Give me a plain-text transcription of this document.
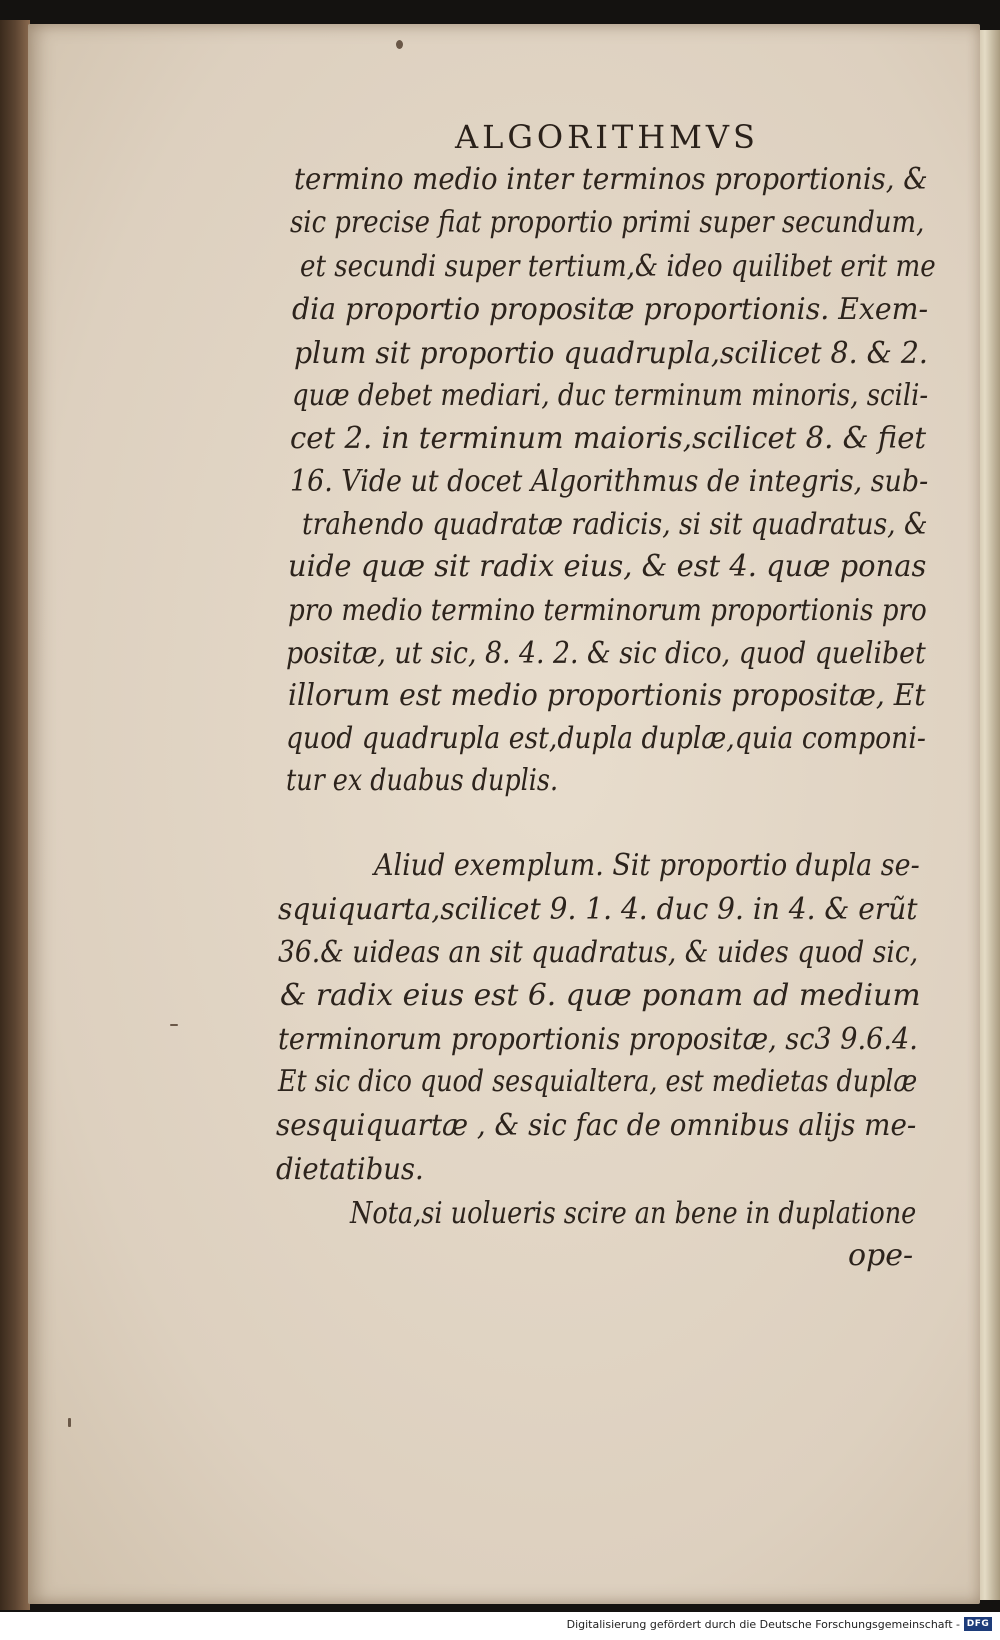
ALGORITHMVS
termino medio inter terminos proportionis, &
sic precise fiat proportio primi super secundum,
et secundi super tertium,& ideo quilibet erit me
dia proportio propositæ proportionis. Exem-
plum sit proportio quadrupla,scilicet 8. & 2.
quæ debet mediari, duc terminum minoris, scili-
cet 2. in terminum maioris,scilicet 8. & fiet
16. Vide ut docet Algorithmus de integris, sub-
trahendo quadratæ radicis, si sit quadratus, &
uide quæ sit radix eius, & est 4. quæ ponas
pro medio termino terminorum proportionis pro
positæ, ut sic, 8. 4. 2. & sic dico, quod quelibet
illorum est medio proportionis propositæ, Et
quod quadrupla est,dupla duplæ,quia componi-
tur ex duabus duplis.
Aliud exemplum. Sit proportio dupla se-
squiquarta,scilicet 9. 1. 4. duc 9. in 4. & erũt
36.& uideas an sit quadratus, & uides quod sic,
& radix eius est 6. quæ ponam ad medium
terminorum proportionis propositæ, sc3 9.6.4.
Et sic dico quod sesquialtera, est medietas duplæ
sesquiquartæ , & sic fac de omnibus alijs me-
dietatibus.
Nota,si uolueris scire an bene in duplatione
ope-
Digitalisierung gefördert durch die Deutsche Forschungsgemeinschaft - DFG
